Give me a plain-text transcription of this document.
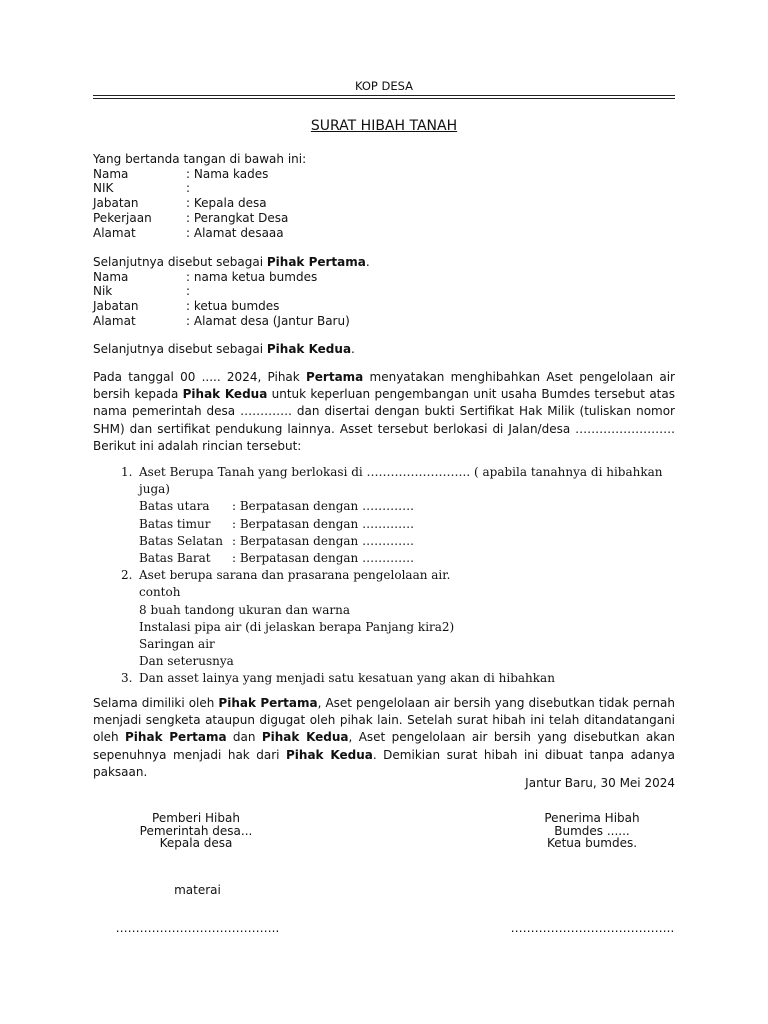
KOP DESA
SURAT HIBAH TANAH
Yang bertanda tangan di bawah ini:
Nama	: Nama kades
NIK	:
Jabatan	: Kepala desa
Pekerjaan	: Perangkat Desa
Alamat	: Alamat desaaa
Selanjutnya disebut sebagai Pihak Pertama.
Nama	: nama ketua bumdes
Nik	:
Jabatan	: ketua bumdes
Alamat	: Alamat desa (Jantur Baru)
Selanjutnya disebut sebagai Pihak Kedua.
Pada tanggal 00 ..... 2024, Pihak Pertama menyatakan menghibahkan Aset pengelolaan air bersih kepada Pihak Kedua untuk keperluan pengembangan unit usaha Bumdes tersebut atas nama pemerintah desa …………. dan disertai dengan bukti Sertifikat Hak Milik (tuliskan nomor SHM) dan sertifikat pendukung lainnya. Asset tersebut berlokasi di Jalan/desa ……………………. Berikut ini adalah rincian tersebut:
1. Aset Berupa Tanah yang berlokasi di …………………….. ( apabila tanahnya di hibahkan
juga)
Batas utara	: Berpatasan dengan ………….
Batas timur	: Berpatasan dengan ………….
Batas Selatan : Berpatasan dengan ………….
Batas Barat	: Berpatasan dengan ………….
2. Aset berupa sarana dan prasarana pengelolaan air.
contoh
8 buah tandong ukuran dan warna
Instalasi pipa air (di jelaskan berapa Panjang kira2)
Saringan air
Dan seterusnya
3. Dan asset lainya yang menjadi satu kesatuan yang akan di hibahkan
Selama dimiliki oleh Pihak Pertama, Aset pengelolaan air bersih yang disebutkan tidak pernah menjadi sengketa ataupun digugat oleh pihak lain. Setelah surat hibah ini telah ditandatangani oleh Pihak Pertama dan Pihak Kedua, Aset pengelolaan air bersih yang disebutkan akan sepenuhnya menjadi hak dari Pihak Kedua. Demikian surat hibah ini dibuat tanpa adanya paksaan.
Jantur Baru, 30 Mei 2024
Pemberi Hibah
Pemerintah desa...
Kepala desa
materai
…………………………………..
Penerima Hibah
Bumdes ......
Ketua bumdes.
…………………………………..
